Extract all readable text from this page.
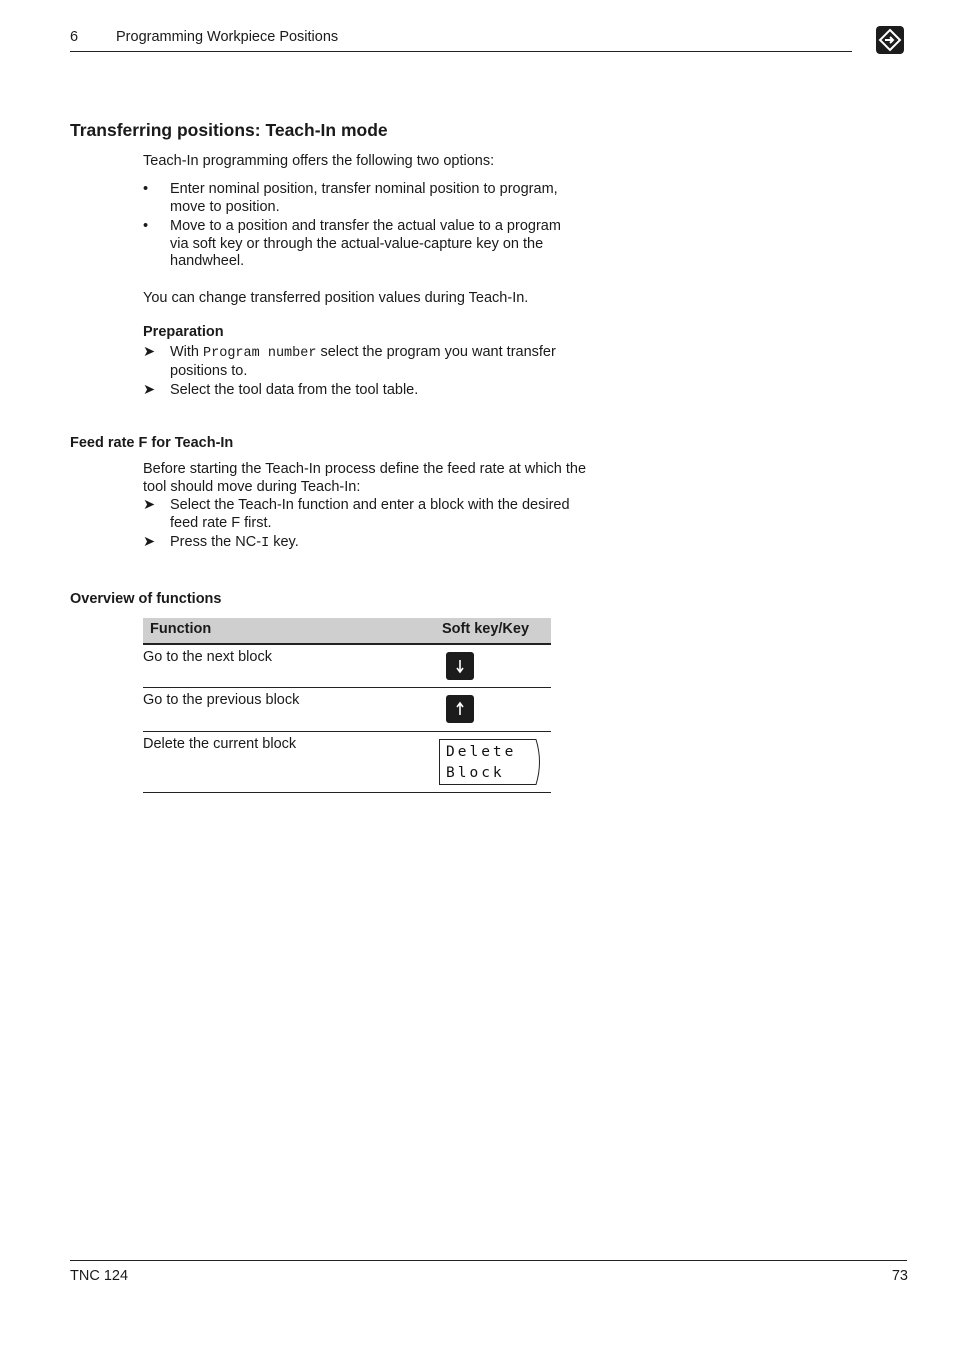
6	Programming Workpiece Positions
Transferring positions: Teach-In mode
Teach-In programming offers the following two options:
•	Enter nominal position, transfer nominal position to program,
move to position.
•	Move to a position and transfer the actual value to a program
via soft key or through the actual-value-capture key on the
handwheel.
You can change transferred position values during Teach-In.
Preparation
➤	With Program number select the program you want transfer
positions to.
➤	Select the tool data from the tool table.
Feed rate F for Teach-In
Before starting the Teach-In process define the feed rate at which the
tool should move during Teach-In:
➤	Select the Teach-In function and enter a block with the desired
feed rate F first.
➤	Press the NC-I key.
Overview of functions
Function	Soft key/Key
Go to the next block
Go to the previous block
Delete the current block	Delete
Block
TNC 124	73
